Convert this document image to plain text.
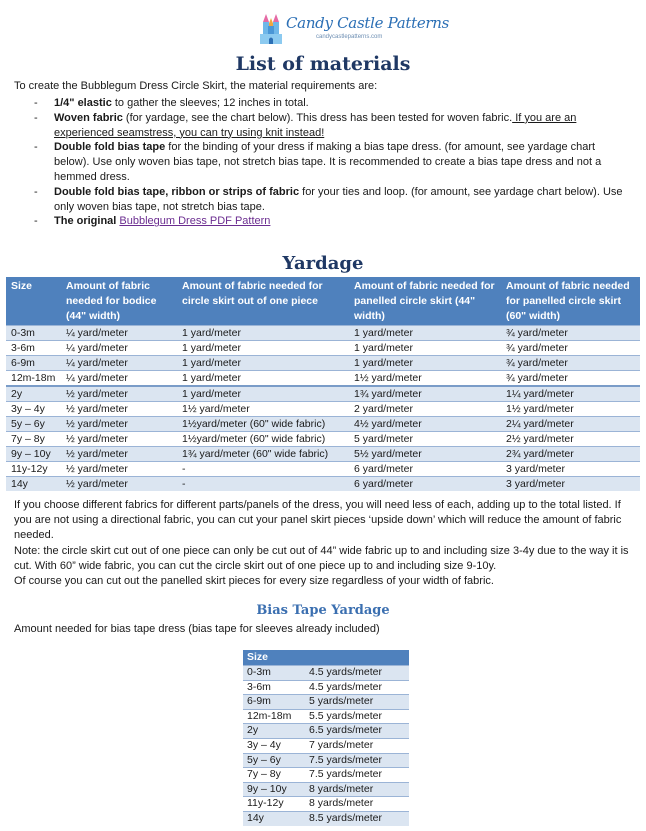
Candy Castle Patterns
candycastlepatterns.com
List of materials
To create the Bubblegum Dress Circle Skirt, the material requirements are:
- 1/4" elastic to gather the sleeves; 12 inches in total.
- Woven fabric (for yardage, see the chart below). This dress has been tested for woven fabric. If you are an experienced seamstress, you can try using knit instead!
- Double fold bias tape for the binding of your dress if making a bias tape dress. (for amount, see yardage chart below). Use only woven bias tape, not stretch bias tape. It is recommended to create a bias tape dress and not a hemmed dress.
- Double fold bias tape, ribbon or strips of fabric for your ties and loop. (for amount, see yardage chart below). Use only woven bias tape, not stretch bias tape.
- The original Bubblegum Dress PDF Pattern
Yardage
Size	Amount of fabric needed for bodice (44" width)	Amount of fabric needed for circle skirt out of one piece	Amount of fabric needed for panelled circle skirt (44" width)	Amount of fabric needed for panelled circle skirt (60" width)
0-3m	¼ yard/meter	1 yard/meter	1 yard/meter	¾ yard/meter
3-6m	¼ yard/meter	1 yard/meter	1 yard/meter	¾ yard/meter
6-9m	¼ yard/meter	1 yard/meter	1 yard/meter	¾ yard/meter
12m-18m	¼ yard/meter	1 yard/meter	1½ yard/meter	¾ yard/meter
2y	½ yard/meter	1 yard/meter	1¾ yard/meter	1¼ yard/meter
3y – 4y	½ yard/meter	1½ yard/meter	2 yard/meter	1½ yard/meter
5y – 6y	½ yard/meter	1½yard/meter (60" wide fabric)	4½ yard/meter	2¼ yard/meter
7y – 8y	½ yard/meter	1½yard/meter (60" wide fabric)	5 yard/meter	2½ yard/meter
9y – 10y	½ yard/meter	1¾ yard/meter (60" wide fabric)	5½ yard/meter	2¾ yard/meter
11y-12y	½ yard/meter	-	6 yard/meter	3 yard/meter
14y	½ yard/meter	-	6 yard/meter	3 yard/meter
If you choose different fabrics for different parts/panels of the dress, you will need less of each, adding up to the total listed. If you are not using a directional fabric, you can cut your panel skirt pieces ‘upside down’ which will reduce the amount of fabric needed.
Note: the circle skirt cut out of one piece can only be cut out of 44” wide fabric up to and including size 3-4y due to the way it is cut. With 60” wide fabric, you can cut the circle skirt out of one piece up to and including size 9-10y.
Of course you can cut out the panelled skirt pieces for every size regardless of your width of fabric.
Bias Tape Yardage
Amount needed for bias tape dress (bias tape for sleeves already included)
Size	
0-3m	4.5 yards/meter
3-6m	4.5 yards/meter
6-9m	5 yards/meter
12m-18m	5.5 yards/meter
2y	6.5 yards/meter
3y – 4y	7 yards/meter
5y – 6y	7.5 yards/meter
7y – 8y	7.5 yards/meter
9y – 10y	8 yards/meter
11y-12y	8 yards/meter
14y	8.5 yards/meter
